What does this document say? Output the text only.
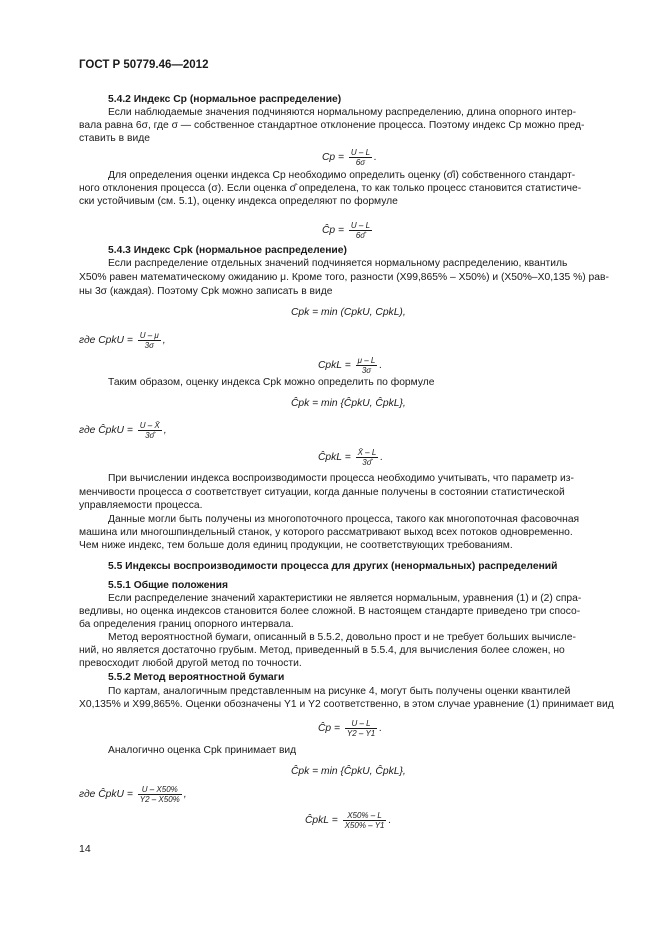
ГОСТ Р 50779.46—2012
5.4.2 Индекс Cp (нормальное распределение)
Если наблюдаемые значения подчиняются нормальному распределению, длина опорного интер-
вала равна 6σ, где σ — собственное стандартное отклонение процесса. Поэтому индекс Cp можно пред-
ставить в виде
$Cp = \frac{U - L}{6\sigma}$ .
Для определения оценки индекса Cp необходимо определить оценку (σ̂i) собственного стандарт-
ного отклонения процесса (σ). Если оценка σ̂ определена, то как только процесс становится статистиче-
ски устойчивым (см. 5.1), оценку индекса определяют по формуле
Ĉp = $\frac{U - L}{6\sigmâ}$
5.4.3 Индекс Cpk (нормальное распределение)
Если распределение отдельных значений подчиняется нормальному распределению, квантиль
X50% равен математическому ожиданию μ. Кроме того, разности (X99,865% – X50%) и (X50%–X0,135 %) рав-
ны 3σ (каждая). Поэтому Cpk можно записать в виде
Cpk = min (CpkU, CpkL),
где CpkU = $\frac{U - \mu}{3\sigma}$ ,
CpkL = $\frac{\mu - L}{3\sigma}$ .
Таким образом, оценку индекса Cpk можно определить по формуле
Ĉpk = min {ĈpkU, ĈpkL},
где ĈpkU = $\frac{U - X̄}{3\sigmâ}$ ,
ĈpkL = $\frac{X̄ - L}{3\sigmâ}$ .
При вычислении индекса воспроизводимости процесса необходимо учитывать, что параметр из-
менчивости процесса σ соответствует ситуации, когда данные получены в состоянии статистической
управляемости процесса.
Данные могли быть получены из многопоточного процесса, такого как многопоточная фасовочная
машина или многошпиндельный станок, у которого рассматривают выход всех потоков одновременно.
Чем ниже индекс, тем больше доля единиц продукции, не соответствующих требованиям.
5.5 Индексы воспроизводимости процесса для других (ненормальных) распределений
5.5.1 Общие положения
Если распределение значений характеристики не является нормальным, уравнения (1) и (2) спра-
ведливы, но оценка индексов становится более сложной. В настоящем стандарте приведено три спосо-
ба определения границ опорного интервала.
Метод вероятностной бумаги, описанный в 5.5.2, довольно прост и не требует больших вычисле-
ний, но является достаточно грубым. Метод, приведенный в 5.5.4, для вычисления более сложен, но
превосходит любой другой метод по точности.
5.5.2 Метод вероятностной бумаги
По картам, аналогичным представленным на рисунке 4, могут быть получены оценки квантилей
X0,135% и X99,865%. Оценки обозначены Y1 и Y2 соответственно, в этом случае уравнение (1) принимает вид
Ĉp = $\frac{U - L}{Y2 - Y1}$ .
Аналогично оценка Cpk принимает вид
Ĉpk = min {ĈpkU, ĈpkL},
где ĈpkU = $\frac{U - X50\%}{Y2 - X50\%}$ ,
ĈpkL = $\frac{X50\% - L}{X50\% - Y1}$ .
14
